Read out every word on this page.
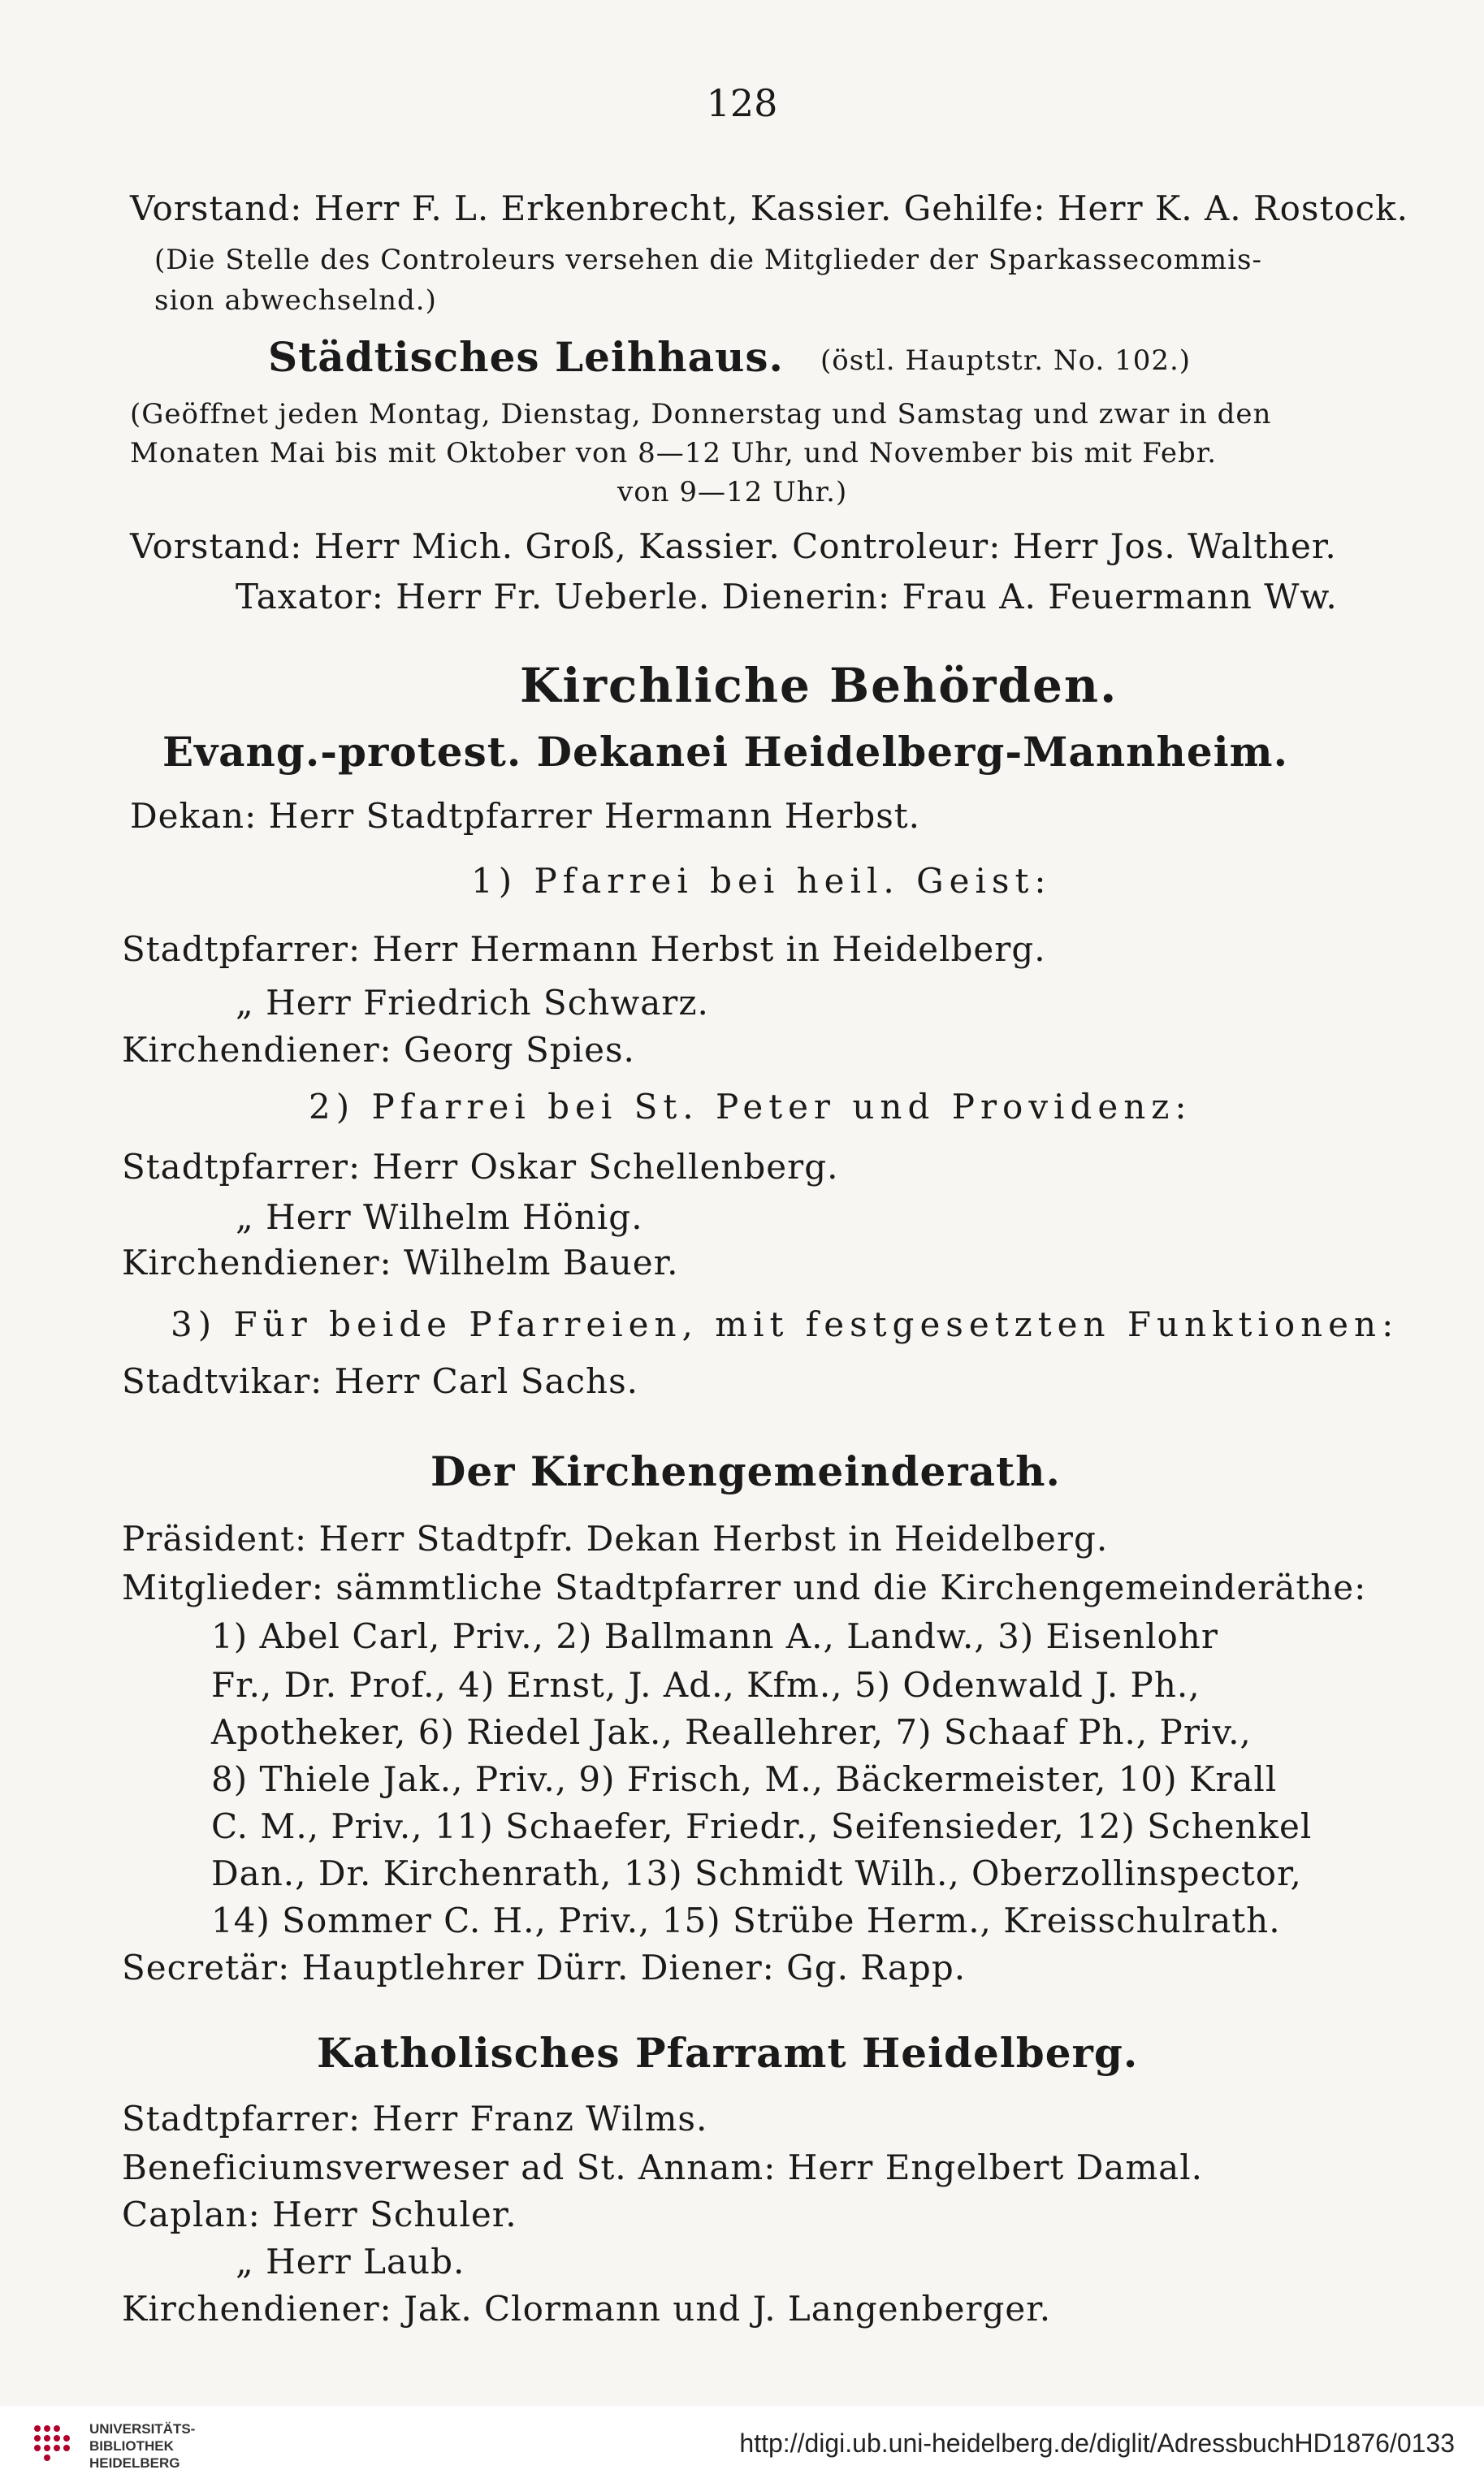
128
Vorstand: Herr F. L. Erkenbrecht, Kassier. Gehilfe: Herr K. A. Rostock.
(Die Stelle des Controleurs versehen die Mitglieder der Sparkassecommis-
sion abwechselnd.)
Städtisches Leihhaus. (östl. Hauptstr. No. 102.)
(Geöffnet jeden Montag, Dienstag, Donnerstag und Samstag und zwar in den
Monaten Mai bis mit Oktober von 8—12 Uhr, und November bis mit Febr.
von 9—12 Uhr.)
Vorstand: Herr Mich. Groß, Kassier. Controleur: Herr Jos. Walther.
Taxator: Herr Fr. Ueberle. Dienerin: Frau A. Feuermann Ww.
Kirchliche Behörden.
Evang.-protest. Dekanei Heidelberg-Mannheim.
Dekan: Herr Stadtpfarrer Hermann Herbst.
1) Pfarrei bei heil. Geist:
Stadtpfarrer: Herr Hermann Herbst in Heidelberg.
„ Herr Friedrich Schwarz.
Kirchendiener: Georg Spies.
2) Pfarrei bei St. Peter und Providenz:
Stadtpfarrer: Herr Oskar Schellenberg.
„ Herr Wilhelm Hönig.
Kirchendiener: Wilhelm Bauer.
3) Für beide Pfarreien, mit festgesetzten Funktionen:
Stadtvikar: Herr Carl Sachs.
Der Kirchengemeinderath.
Präsident: Herr Stadtpfr. Dekan Herbst in Heidelberg.
Mitglieder: sämmtliche Stadtpfarrer und die Kirchengemeinderäthe:
1) Abel Carl, Priv., 2) Ballmann A., Landw., 3) Eisenlohr
Fr., Dr. Prof., 4) Ernst, J. Ad., Kfm., 5) Odenwald J. Ph.,
Apotheker, 6) Riedel Jak., Reallehrer, 7) Schaaf Ph., Priv.,
8) Thiele Jak., Priv., 9) Frisch, M., Bäckermeister, 10) Krall
C. M., Priv., 11) Schaefer, Friedr., Seifensieder, 12) Schenkel
Dan., Dr. Kirchenrath, 13) Schmidt Wilh., Oberzollinspector,
14) Sommer C. H., Priv., 15) Strübe Herm., Kreisschulrath.
Secretär: Hauptlehrer Dürr. Diener: Gg. Rapp.
Katholisches Pfarramt Heidelberg.
Stadtpfarrer: Herr Franz Wilms.
Beneficiumsverweser ad St. Annam: Herr Engelbert Damal.
Caplan: Herr Schuler.
„ Herr Laub.
Kirchendiener: Jak. Clormann und J. Langenberger.
UNIVERSITÄTS-
BIBLIOTHEK
HEIDELBERG
http://digi.ub.uni-heidelberg.de/diglit/AdressbuchHD1876/0133
